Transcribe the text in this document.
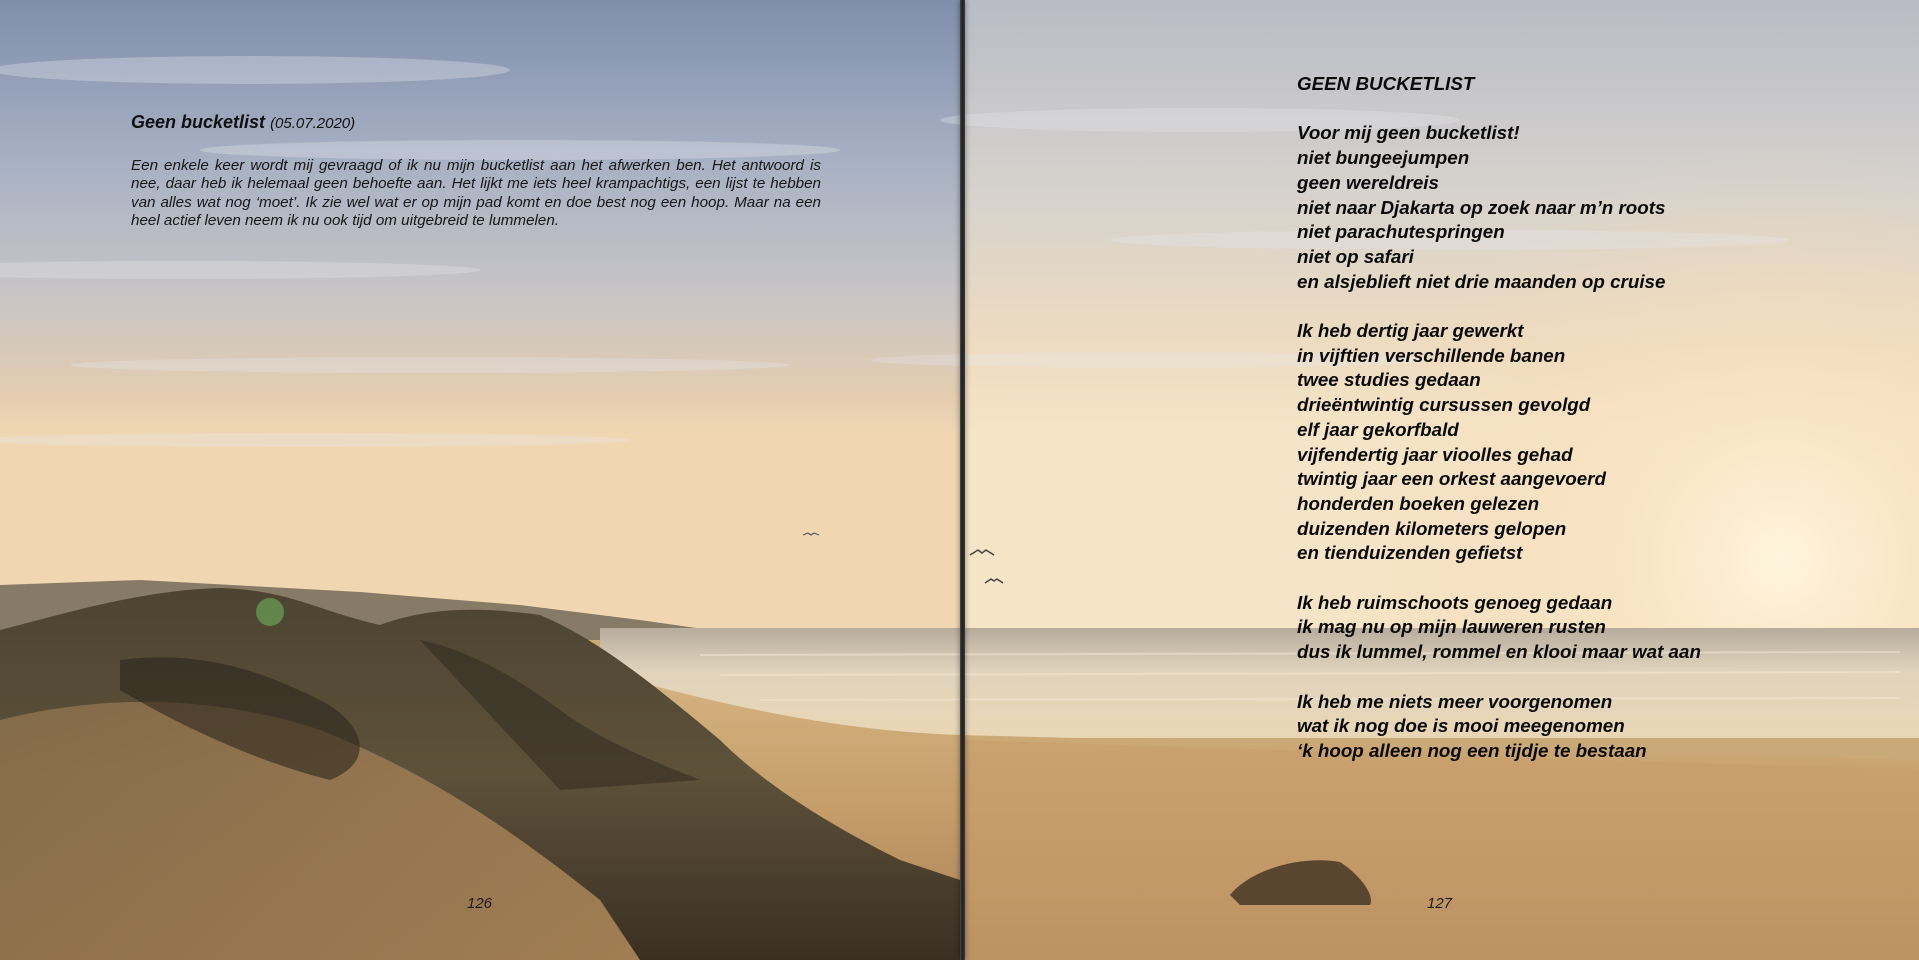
Geen bucketlist (05.07.2020)

Een enkele keer wordt mij gevraagd of ik nu mijn bucketlist aan het afwerken ben. Het antwoord is nee, daar heb ik helemaal geen behoefte aan. Het lijkt me iets heel krampachtigs, een lijst te hebben van alles wat nog ‘moet’. Ik zie wel wat er op mijn pad komt en doe best nog een hoop. Maar na een heel actief leven neem ik nu ook tijd om uitgebreid te lummelen.

126
GEEN BUCKETLIST
Voor mij geen bucketlist!
niet bungeejumpen
geen wereldreis
niet naar Djakarta op zoek naar m’n roots
niet parachutespringen
niet op safari
en alsjeblieft niet drie maanden op cruise
Ik heb dertig jaar gewerkt
in vijftien verschillende banen
twee studies gedaan
drieëntwintig cursussen gevolgd
elf jaar gekorfbald
vijfendertig jaar vioolles gehad
twintig jaar een orkest aangevoerd
honderden boeken gelezen
duizenden kilometers gelopen
en tienduizenden gefietst
Ik heb ruimschoots genoeg gedaan
ik mag nu op mijn lauweren rusten
dus ik lummel, rommel en klooi maar wat aan
Ik heb me niets meer voorgenomen
wat ik nog doe is mooi meegenomen
‘k hoop alleen nog een tijdje te bestaan
127
